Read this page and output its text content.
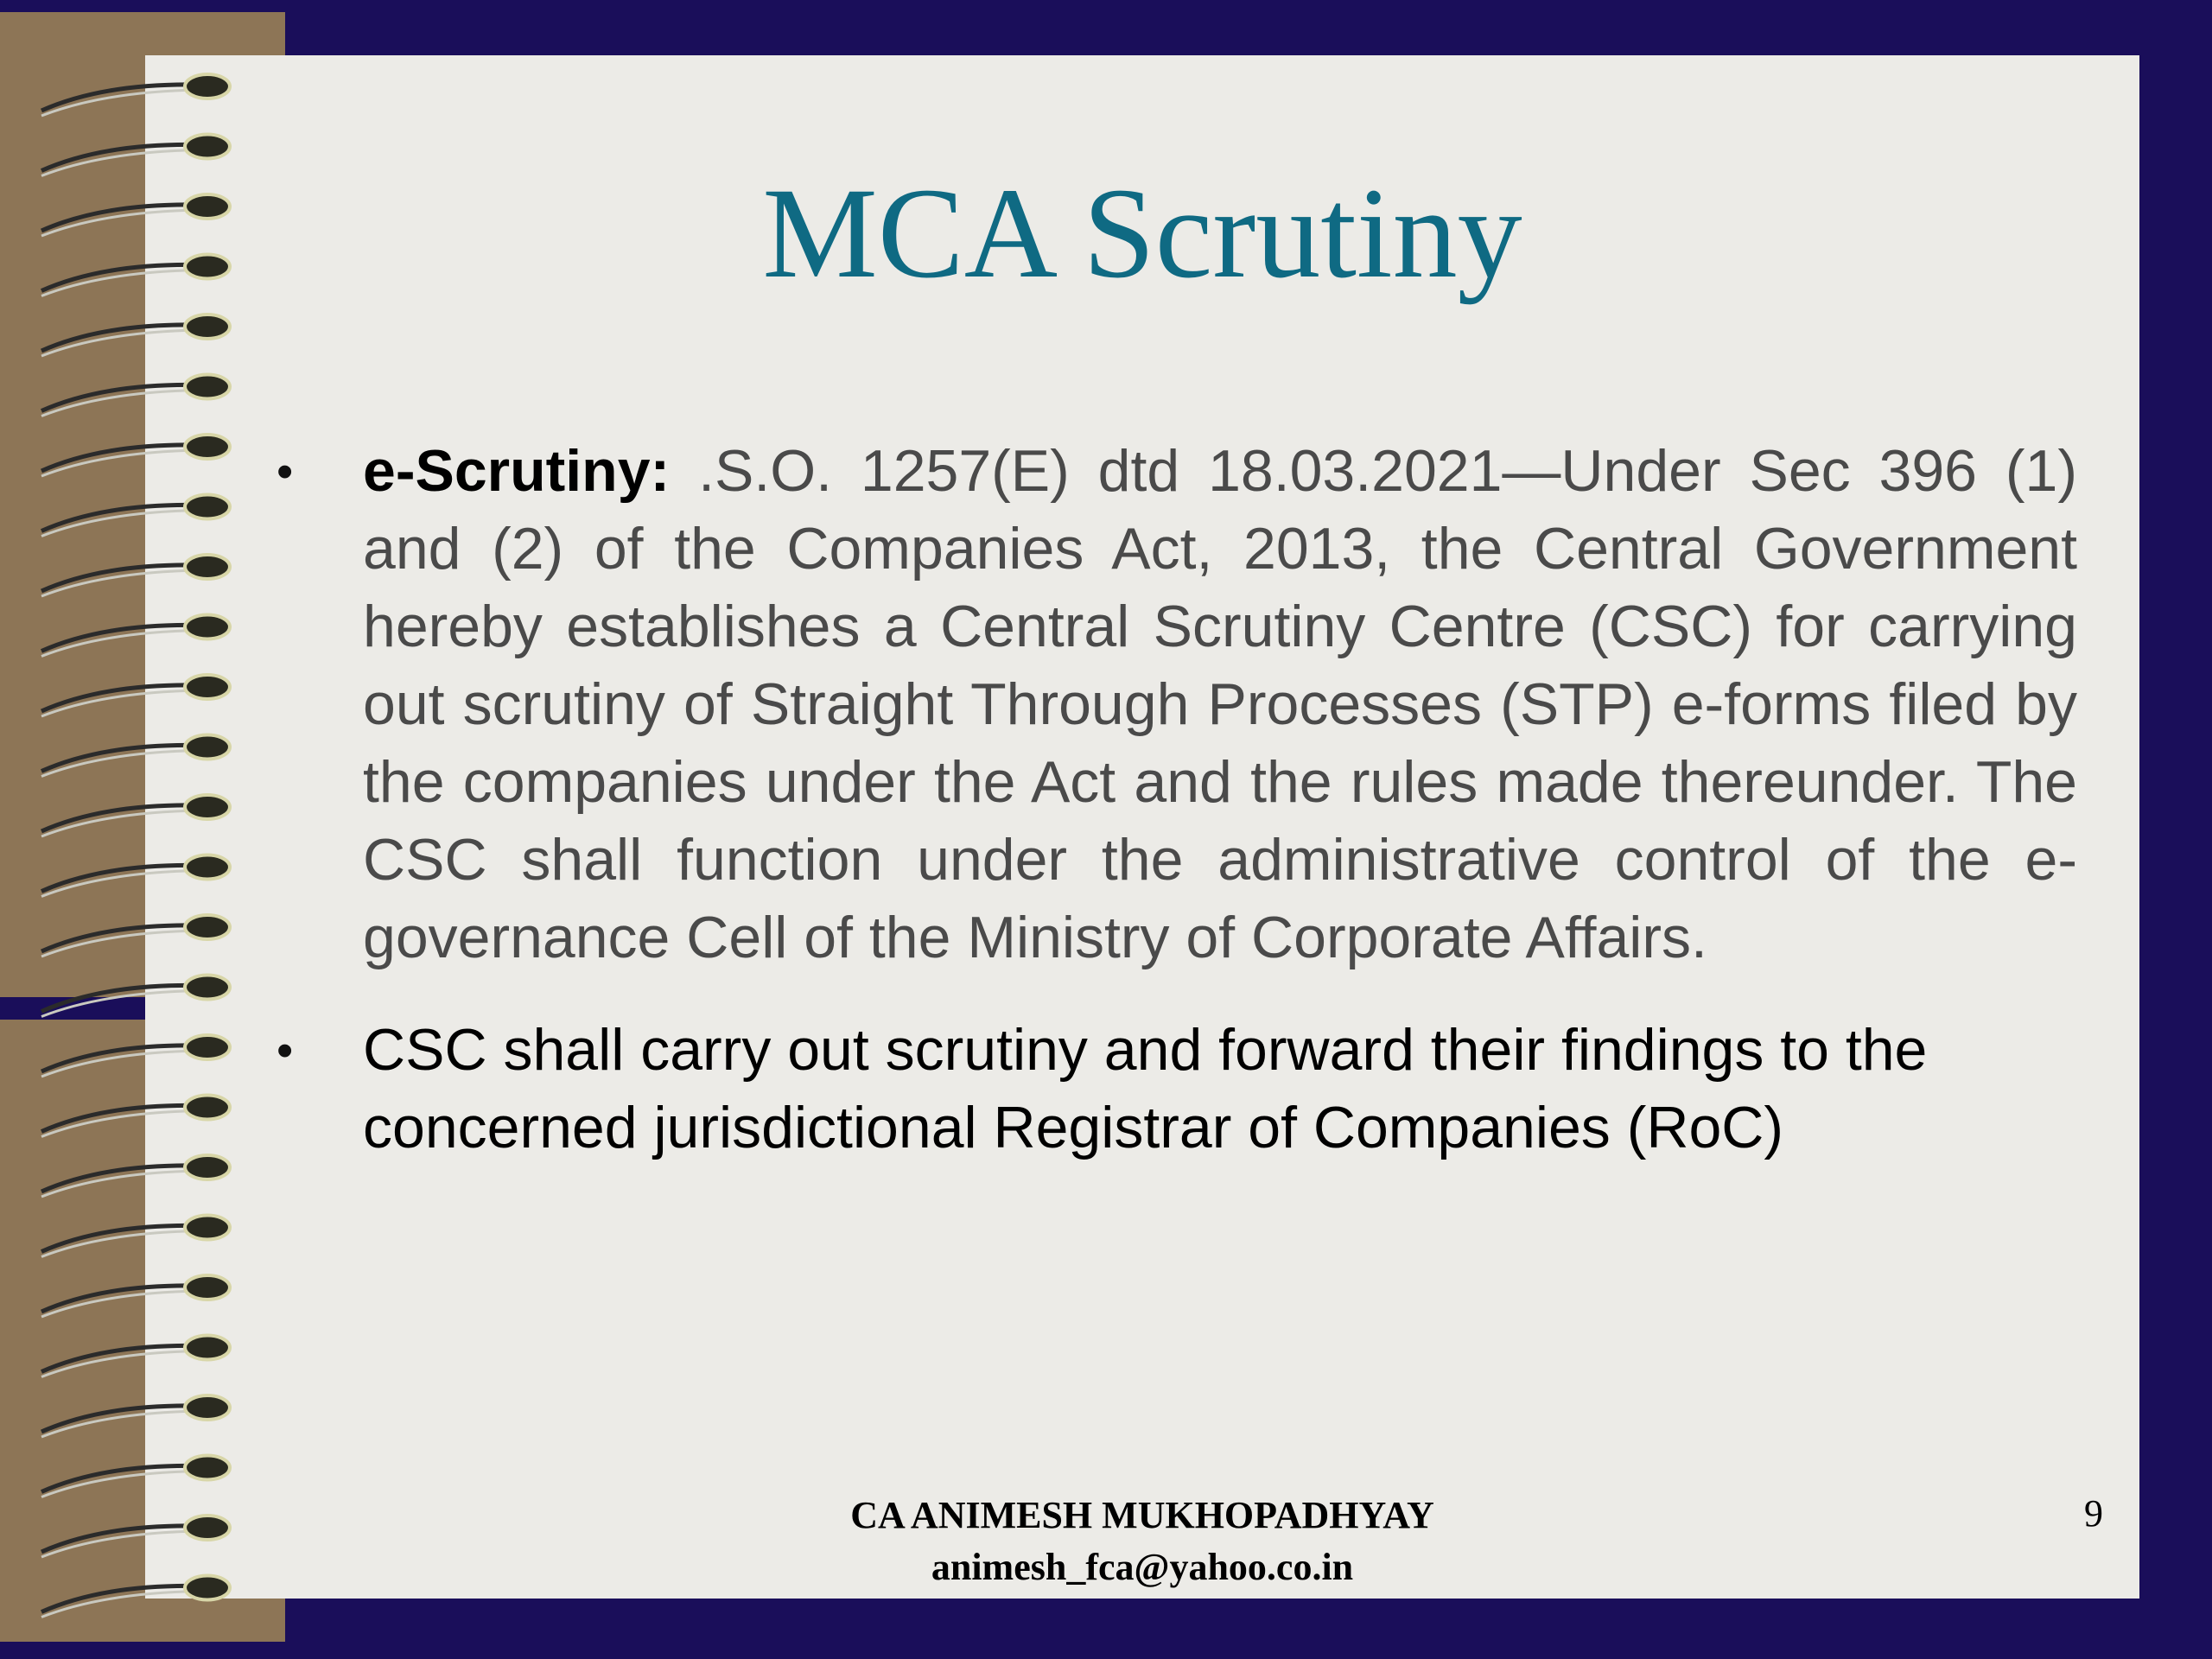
MCA Scrutiny
•	e-Scrutiny: .S.O. 1257(E) dtd 18.03.2021—Under Sec 396 (1) and (2) of the Companies Act, 2013, the Central Government hereby establishes a Central Scrutiny Centre (CSC) for carrying out scrutiny of Straight Through Processes (STP) e-forms filed by the companies under the Act and the rules made thereunder. The CSC shall function under the administrative control of the e-governance Cell of the Ministry of Corporate Affairs.
•	CSC shall carry out scrutiny and forward their findings to the concerned jurisdictional Registrar of Companies (RoC)
CA ANIMESH MUKHOPADHYAY
animesh_fca@yahoo.co.in
9
